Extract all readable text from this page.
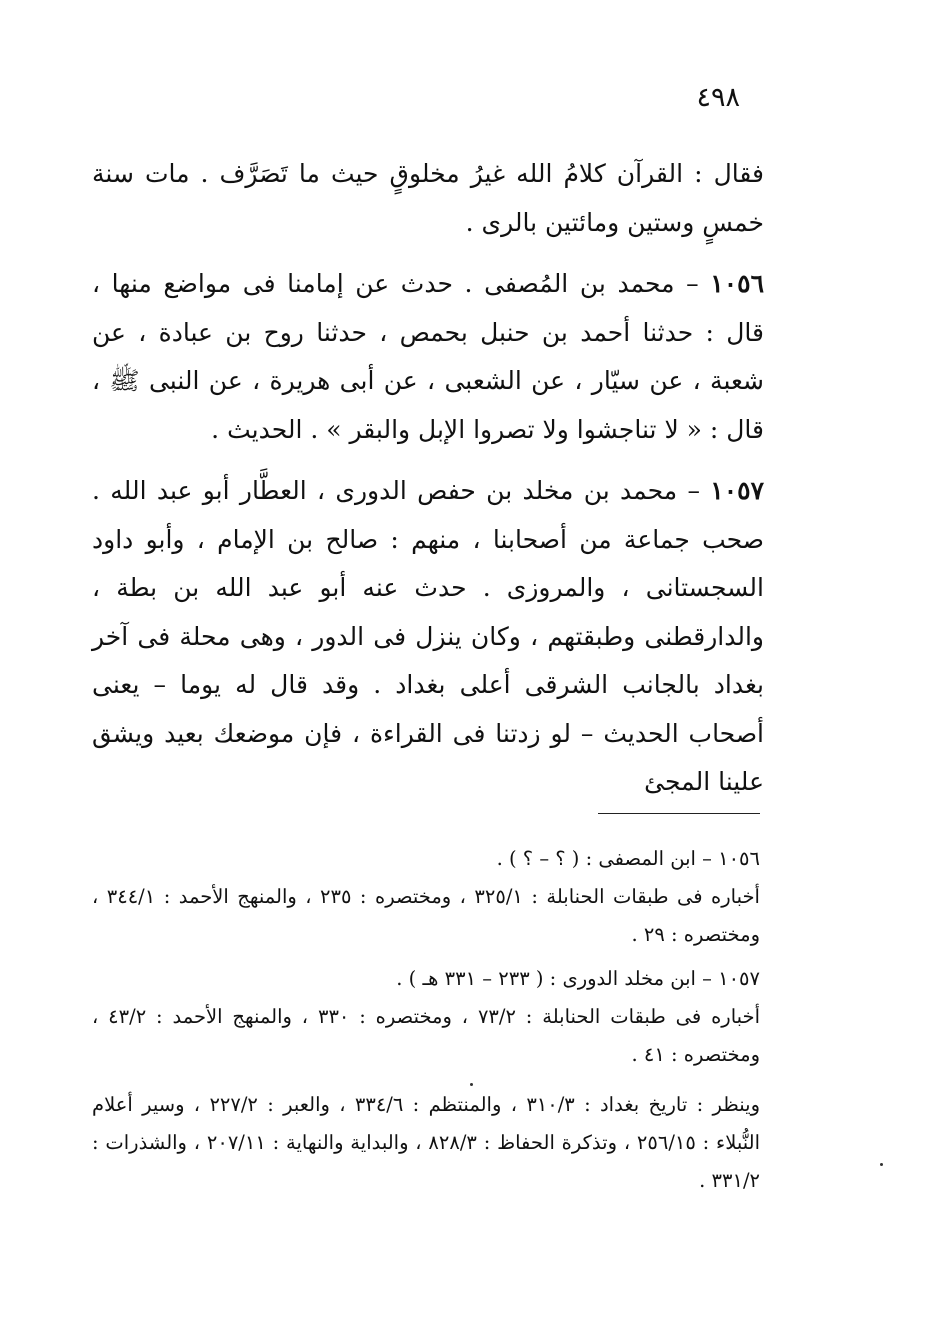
٤٩٨

فقال : القرآن كلامُ الله غيرُ مخلوقٍ حيث ما تَصَرَّف . مات سنة خمسٍ وستين ومائتين بالرى .

١٠٥٦ – محمد بن المُصفى . حدث عن إمامنا فى مواضع منها ، قال : حدثنا أحمد بن حنبل بحمص ، حدثنا روح بن عبادة ، عن شعبة ، عن سيّار ، عن الشعبى ، عن أبى هريرة ، عن النبى ﷺ ، قال : « لا تناجشوا ولا تصروا الإبل والبقر » . الحديث .

١٠٥٧ – محمد بن مخلد بن حفص الدورى ، العطَّار أبو عبد الله . صحب جماعة من أصحابنا ، منهم : صالح بن الإمام ، وأبو داود السجستانى ، والمروزى . حدث عنه أبو عبد الله بن بطة ، والدارقطنى وطبقتهم ، وكان ينزل فى الدور ، وهى محلة فى آخر بغداد بالجانب الشرقى أعلى بغداد . وقد قال له يوما – يعنى أصحاب الحديث – لو زدتنا فى القراءة ، فإن موضعك بعيد ويشق علينا المجئ

١٠٥٦ – ابن المصفى : ( ؟ – ؟ ) .

أخباره فى طبقات الحنابلة : ٣٢٥/١ ، ومختصره : ٢٣٥ ، والمنهج الأحمد : ٣٤٤/١ ، ومختصره : ٢٩ .

١٠٥٧ – ابن مخلد الدورى : ( ٢٣٣ – ٣٣١ هـ ) .

أخباره فى طبقات الحنابلة : ٧٣/٢ ، ومختصره : ٣٣٠ ، والمنهج الأحمد : ٤٣/٢ ، ومختصره : ٤١ .

وينظر : تاريخ بغداد : ٣١٠/٣ ، والمنتظم : ٣٣٤/٦ ، والعبر : ٢٢٧/٢ ، وسير أعلام النُّبلاء : ٢٥٦/١٥ ، وتذكرة الحفاظ : ٨٢٨/٣ ، والبداية والنهاية : ٢٠٧/١١ ، والشذرات : ٣٣١/٢ .
